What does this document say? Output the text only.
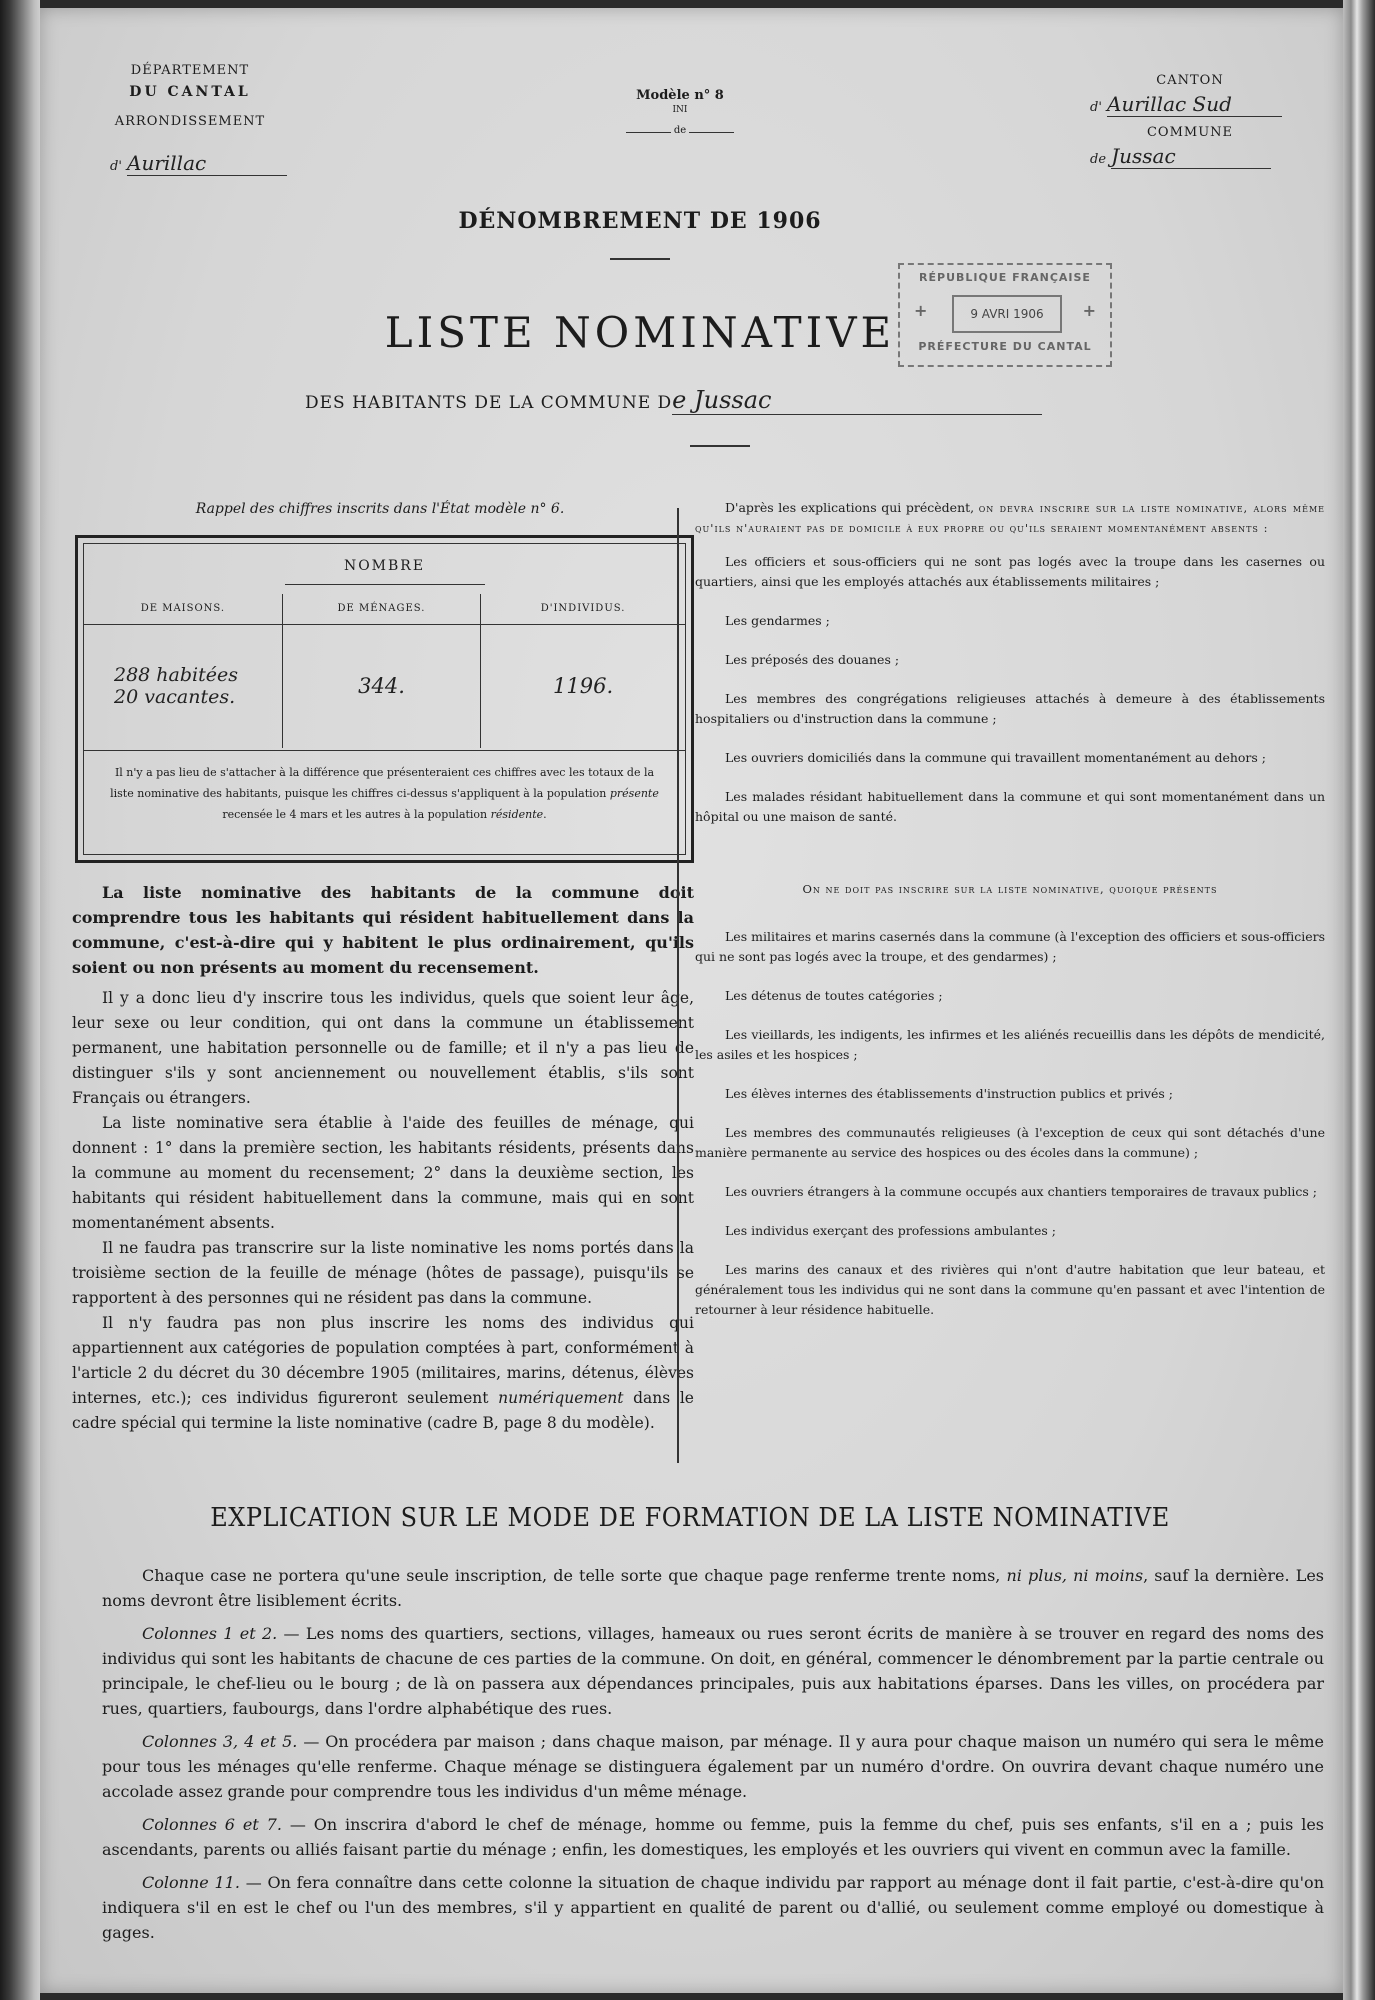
DÉPARTEMENT
DU CANTAL
ARRONDISSEMENT
d' Aurillac
Modèle n° 8
INI
de
CANTON
d' Aurillac Sud
COMMUNE
de Jussac
DÉNOMBREMENT DE 1906
LISTE NOMINATIVE
DES HABITANTS DE LA COMMUNE De Jussac
RÉPUBLIQUE FRANÇAISE
9 AVRI 1906
+	+
PRÉFECTURE DU CANTAL
Rappel des chiffres inscrits dans l'État modèle n° 6.
NOMBRE
DE MAISONS.	DE MÉNAGES.	D'INDIVIDUS.

288 habitées
20 vacantes.	344.	1196.
Il n'y a pas lieu de s'attacher à la différence que présenteraient ces chiffres avec les totaux de la liste nominative des habitants, puisque les chiffres ci-dessus s'appliquent à la population présente recensée le 4 mars et les autres à la population résidente.
La liste nominative des habitants de la commune doit comprendre tous les habitants qui résident habituellement dans la commune, c'est-à-dire qui y habitent le plus ordinairement, qu'ils soient ou non présents au moment du recensement.
Il y a donc lieu d'y inscrire tous les individus, quels que soient leur âge, leur sexe ou leur condition, qui ont dans la commune un établissement permanent, une habitation personnelle ou de famille; et il n'y a pas lieu de distinguer s'ils y sont anciennement ou nouvellement établis, s'ils sont Français ou étrangers.
La liste nominative sera établie à l'aide des feuilles de ménage, qui donnent : 1° dans la première section, les habitants résidents, présents dans la commune au moment du recensement; 2° dans la deuxième section, les habitants qui résident habituellement dans la commune, mais qui en sont momentanément absents.
Il ne faudra pas transcrire sur la liste nominative les noms portés dans la troisième section de la feuille de ménage (hôtes de passage), puisqu'ils se rapportent à des personnes qui ne résident pas dans la commune.
Il n'y faudra pas non plus inscrire les noms des individus qui appartiennent aux catégories de population comptées à part, conformément à l'article 2 du décret du 30 décembre 1905 (militaires, marins, détenus, élèves internes, etc.); ces individus figureront seulement numériquement dans le cadre spécial qui termine la liste nominative (cadre B, page 8 du modèle).
D'après les explications qui précèdent, on devra inscrire sur la liste nominative, alors même qu'ils n'auraient pas de domicile à eux propre ou qu'ils seraient momentanément absents :
Les officiers et sous-officiers qui ne sont pas logés avec la troupe dans les casernes ou quartiers, ainsi que les employés attachés aux établissements militaires ;
Les gendarmes ;
Les préposés des douanes ;
Les membres des congrégations religieuses attachés à demeure à des établissements hospitaliers ou d'instruction dans la commune ;
Les ouvriers domiciliés dans la commune qui travaillent momentanément au dehors ;
Les malades résidant habituellement dans la commune et qui sont momentanément dans un hôpital ou une maison de santé.
On ne doit pas inscrire sur la liste nominative, quoique présents
Les militaires et marins casernés dans la commune (à l'exception des officiers et sous-officiers qui ne sont pas logés avec la troupe, et des gendarmes) ;
Les détenus de toutes catégories ;
Les vieillards, les indigents, les infirmes et les aliénés recueillis dans les dépôts de mendicité, les asiles et les hospices ;
Les élèves internes des établissements d'instruction publics et privés ;
Les membres des communautés religieuses (à l'exception de ceux qui sont détachés d'une manière permanente au service des hospices ou des écoles dans la commune) ;
Les ouvriers étrangers à la commune occupés aux chantiers temporaires de travaux publics ;
Les individus exerçant des professions ambulantes ;
Les marins des canaux et des rivières qui n'ont d'autre habitation que leur bateau, et généralement tous les individus qui ne sont dans la commune qu'en passant et avec l'intention de retourner à leur résidence habituelle.
EXPLICATION SUR LE MODE DE FORMATION DE LA LISTE NOMINATIVE
Chaque case ne portera qu'une seule inscription, de telle sorte que chaque page renferme trente noms, ni plus, ni moins, sauf la dernière. Les noms devront être lisiblement écrits.
Colonnes 1 et 2. — Les noms des quartiers, sections, villages, hameaux ou rues seront écrits de manière à se trouver en regard des noms des individus qui sont les habitants de chacune de ces parties de la commune. On doit, en général, commencer le dénombrement par la partie centrale ou principale, le chef-lieu ou le bourg ; de là on passera aux dépendances principales, puis aux habitations éparses. Dans les villes, on procédera par rues, quartiers, faubourgs, dans l'ordre alphabétique des rues.
Colonnes 3, 4 et 5. — On procédera par maison ; dans chaque maison, par ménage. Il y aura pour chaque maison un numéro qui sera le même pour tous les ménages qu'elle renferme. Chaque ménage se distinguera également par un numéro d'ordre. On ouvrira devant chaque numéro une accolade assez grande pour comprendre tous les individus d'un même ménage.
Colonnes 6 et 7. — On inscrira d'abord le chef de ménage, homme ou femme, puis la femme du chef, puis ses enfants, s'il en a ; puis les ascendants, parents ou alliés faisant partie du ménage ; enfin, les domestiques, les employés et les ouvriers qui vivent en commun avec la famille.
Colonne 11. — On fera connaître dans cette colonne la situation de chaque individu par rapport au ménage dont il fait partie, c'est-à-dire qu'on indiquera s'il en est le chef ou l'un des membres, s'il y appartient en qualité de parent ou d'allié, ou seulement comme employé ou domestique à gages.
